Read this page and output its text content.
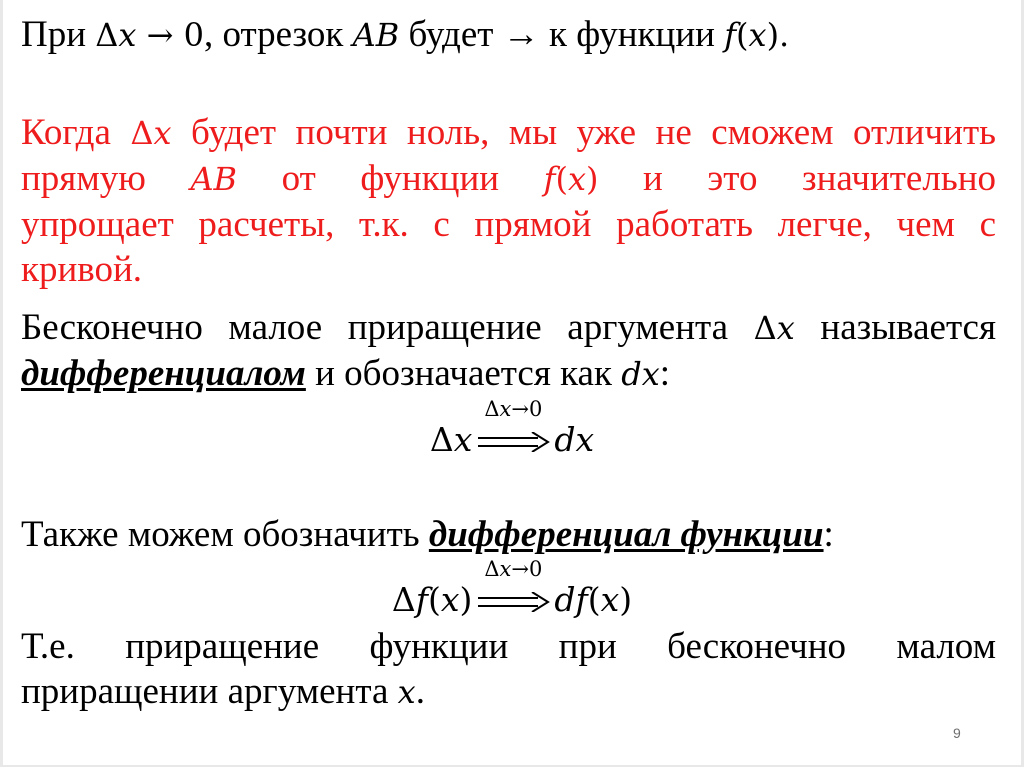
При Δx → 0, отрезок AB будет → к функции f(x).

Когда Δx будет почти ноль, мы уже не сможем отличить
прямую AB от функции f(x) и это значительно
упрощает расчеты, т.к. с прямой работать легче, чем с
кривой.
Бесконечно малое приращение аргумента Δx называется
дифференциалом и обозначается как dx:
Δx
Δx→0
dx

Также можем обозначить дифференциал функции:

Δf(x)
Δx→0
df(x)
Т.е. приращение функции при бесконечно малом
приращении аргумента x.
9
